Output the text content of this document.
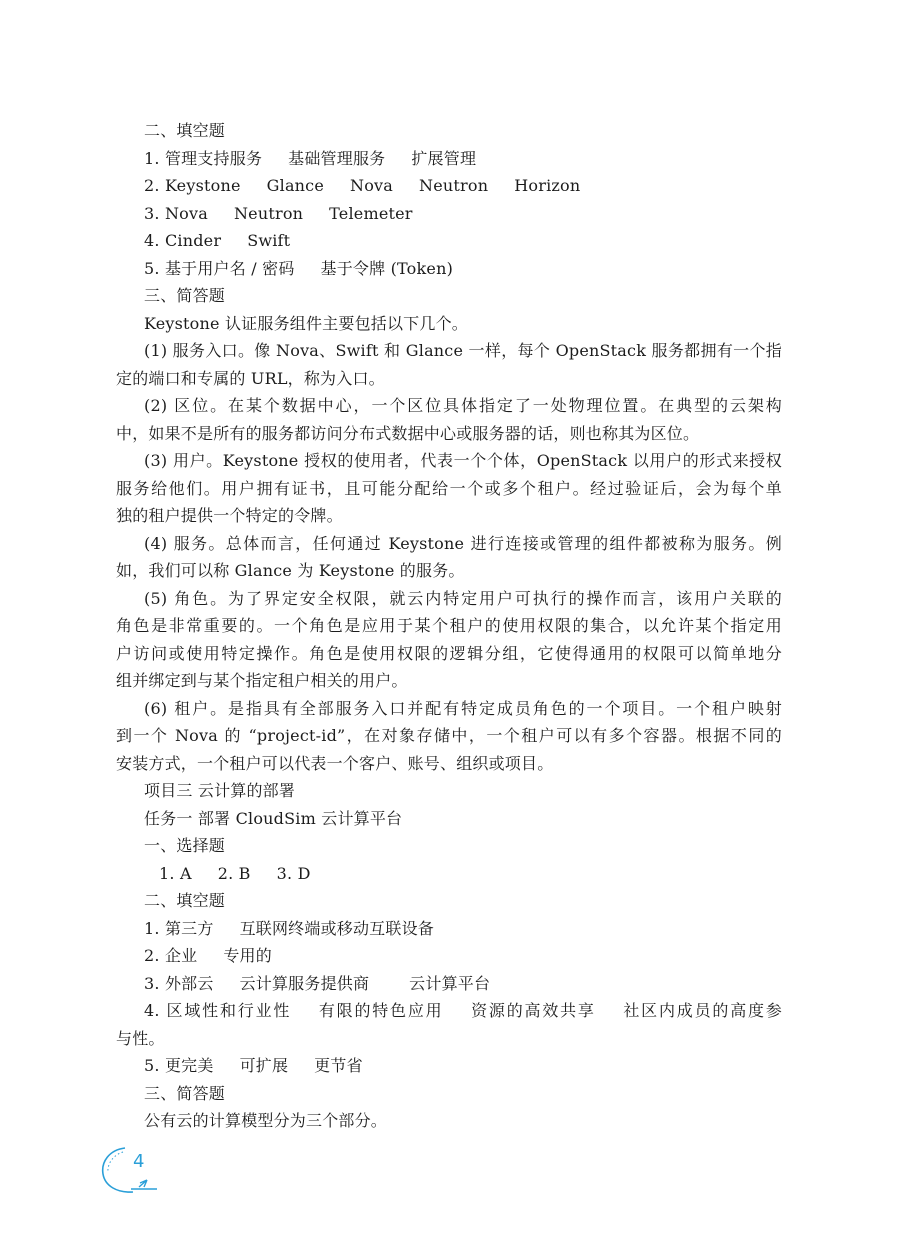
二、填空题
1. 管理支持服务 基础管理服务 扩展管理
2. Keystone Glance Nova Neutron Horizon
3. Nova Neutron Telemeter
4. Cinder Swift
5. 基于用户名 / 密码 基于令牌 (Token)
三、简答题
Keystone 认证服务组件主要包括以下几个。
(1) 服务入口。像 Nova、Swift 和 Glance 一样，每个 OpenStack 服务都拥有一个指
定的端口和专属的 URL，称为入口。
(2) 区位。在某个数据中心，一个区位具体指定了一处物理位置。在典型的云架构
中，如果不是所有的服务都访问分布式数据中心或服务器的话，则也称其为区位。
(3) 用户。Keystone 授权的使用者，代表一个个体，OpenStack 以用户的形式来授权
服务给他们。用户拥有证书，且可能分配给一个或多个租户。经过验证后，会为每个单
独的租户提供一个特定的令牌。
(4) 服务。总体而言，任何通过 Keystone 进行连接或管理的组件都被称为服务。例
如，我们可以称 Glance 为 Keystone 的服务。
(5) 角色。为了界定安全权限，就云内特定用户可执行的操作而言，该用户关联的
角色是非常重要的。一个角色是应用于某个租户的使用权限的集合，以允许某个指定用
户访问或使用特定操作。角色是使用权限的逻辑分组，它使得通用的权限可以简单地分
组并绑定到与某个指定租户相关的用户。
(6) 租户。是指具有全部服务入口并配有特定成员角色的一个项目。一个租户映射
到一个 Nova 的 “project-id”，在对象存储中，一个租户可以有多个容器。根据不同的
安装方式，一个租户可以代表一个客户、账号、组织或项目。
项目三 云计算的部署
任务一 部署 CloudSim 云计算平台
一、选择题
1. A 2. B 3. D
二、填空题
1. 第三方 互联网终端或移动互联设备
2. 企业 专用的
3. 外部云 云计算服务提供商	云计算平台
4. 区域性和行业性 有限的特色应用 资源的高效共享 社区内成员的高度参
与性。
5. 更完美 可扩展 更节省
三、简答题
公有云的计算模型分为三个部分。
4
